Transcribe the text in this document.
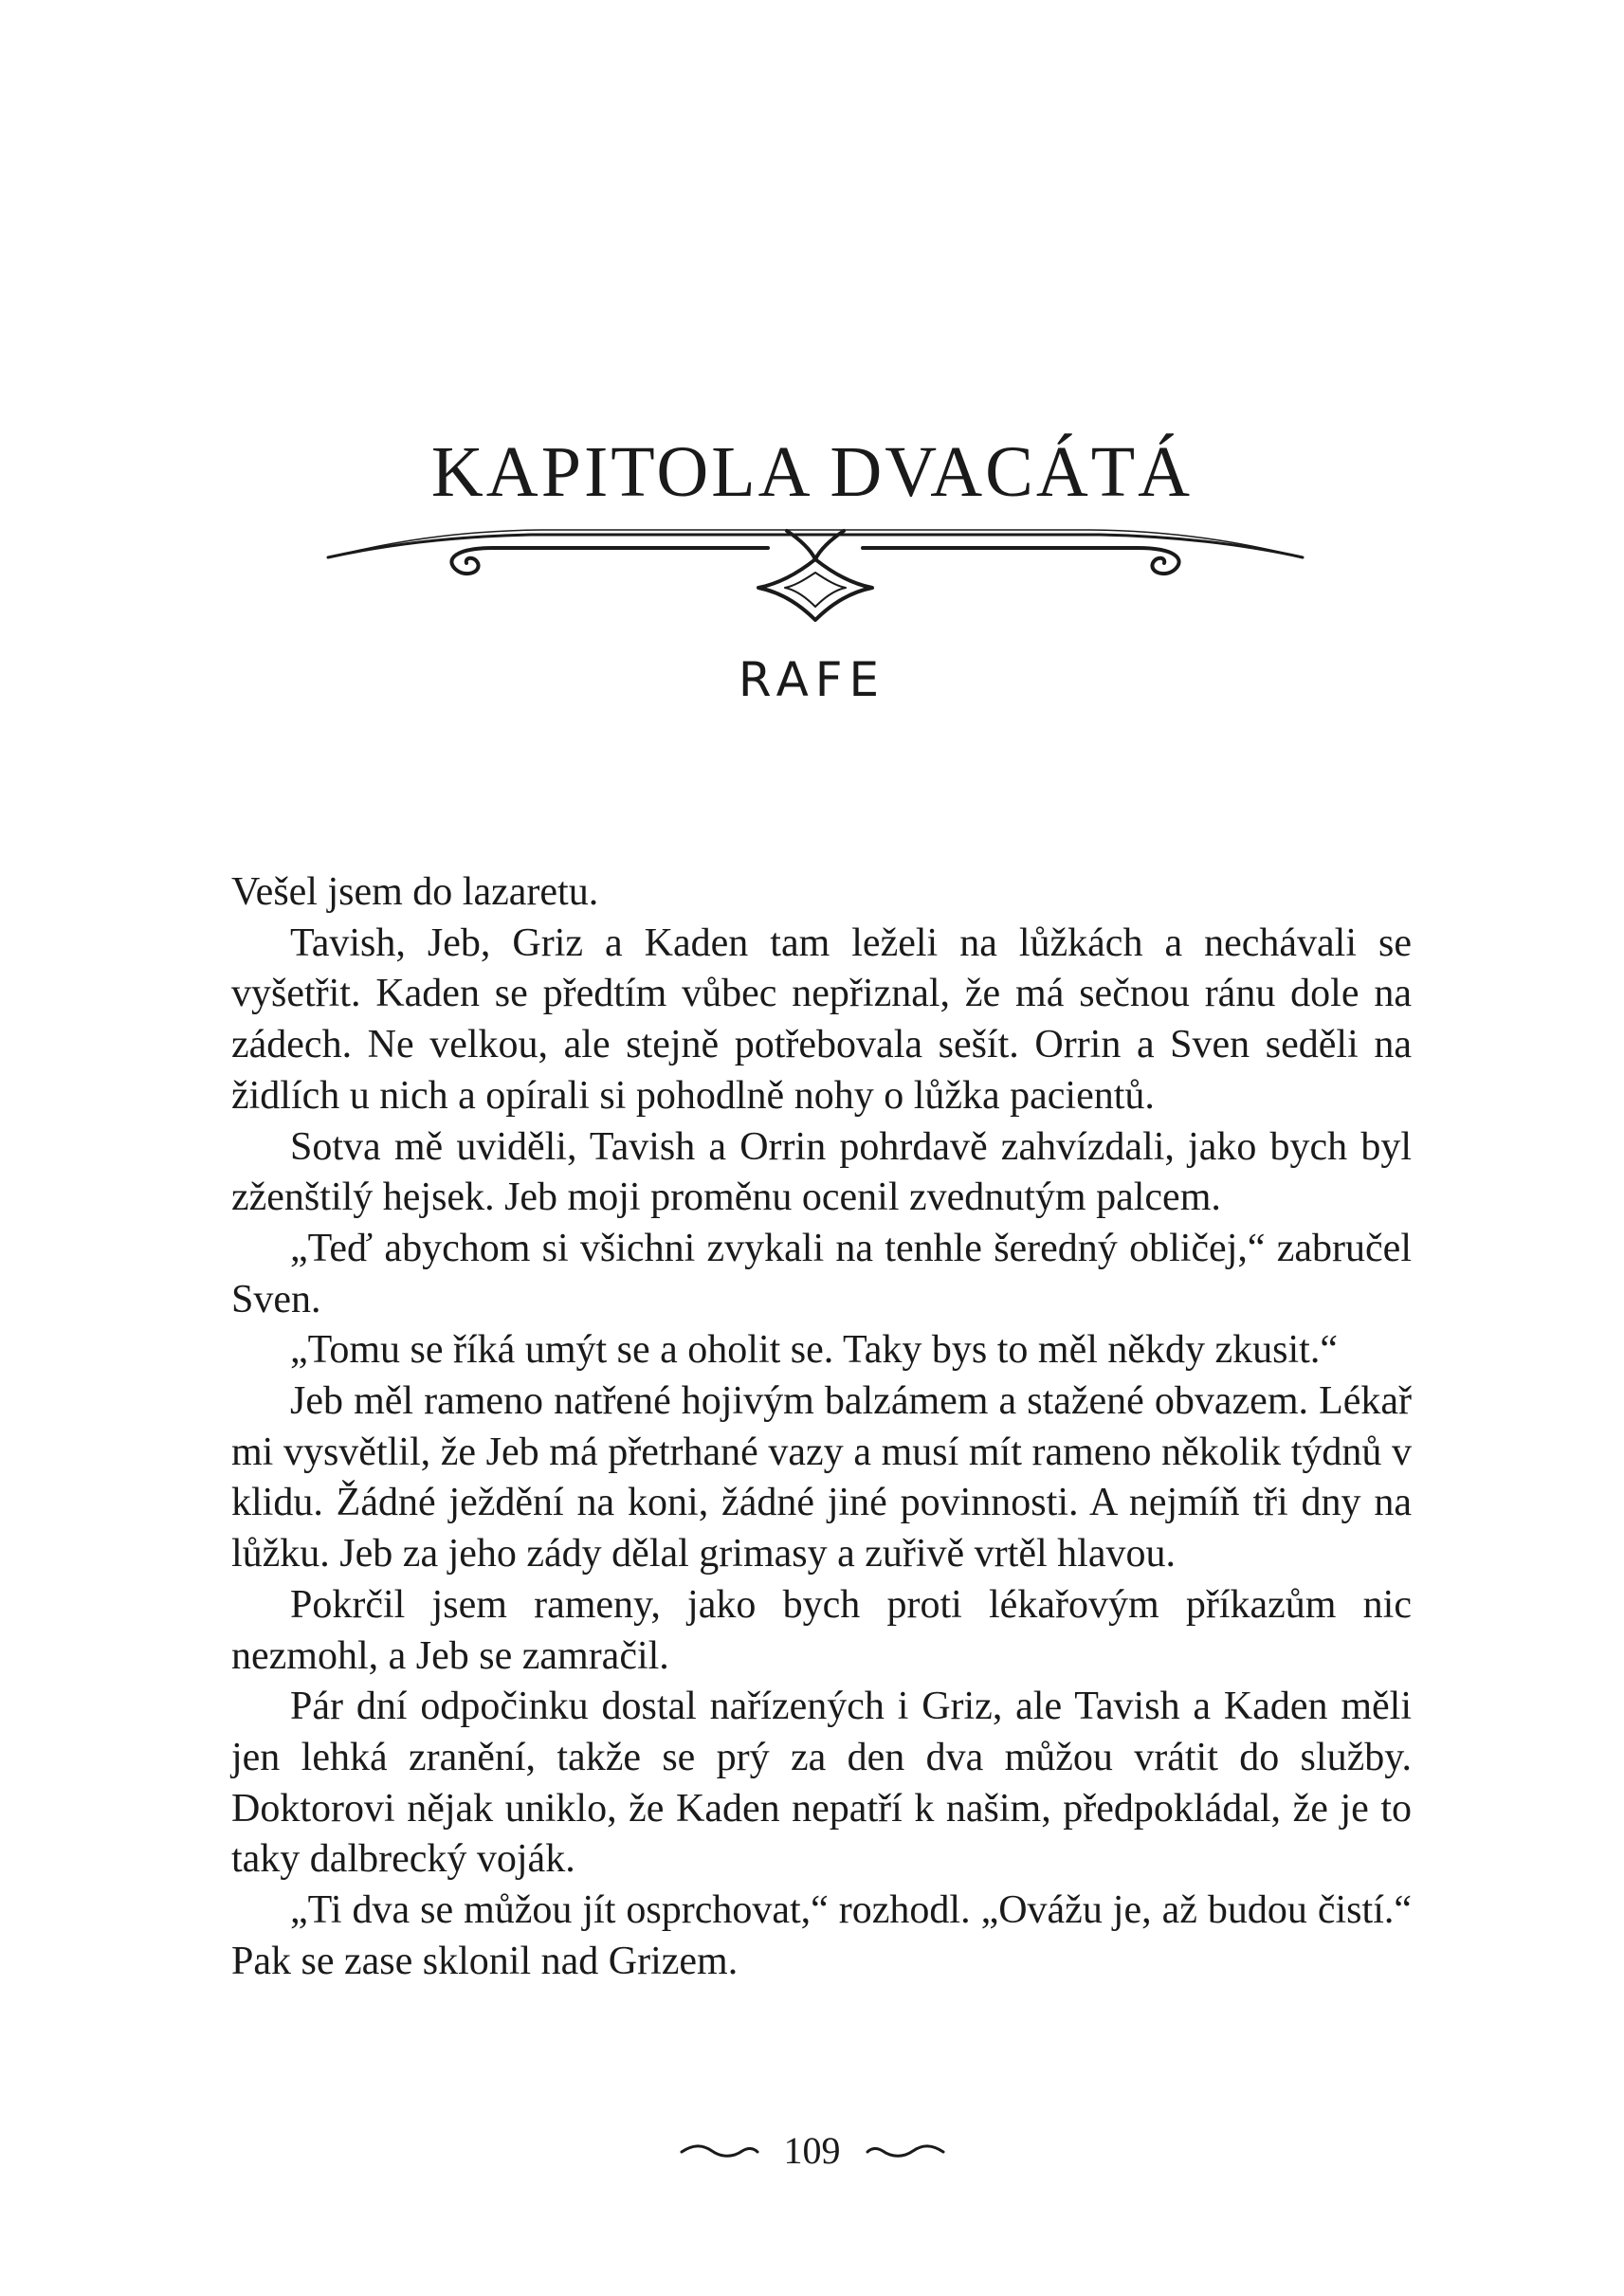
KAPITOLA DVACÁTÁ
RAFE

Vešel jsem do lazaretu.

Tavish, Jeb, Griz a Kaden tam leželi na lůžkách a nechávali se vyšetřit. Kaden se předtím vůbec nepřiznal, že má sečnou ránu dole na zádech. Ne velkou, ale stejně potřebovala sešít. Orrin a Sven seděli na židlích u nich a opírali si pohodlně nohy o lůžka pacientů.

Sotva mě uviděli, Tavish a Orrin pohrdavě zahvízdali, jako bych byl zženštilý hejsek. Jeb moji proměnu ocenil zvednutým palcem.

„Teď abychom si všichni zvykali na tenhle šeredný obličej,“ zabručel Sven.

„Tomu se říká umýt se a oholit se. Taky bys to měl někdy zkusit.“

Jeb měl rameno natřené hojivým balzámem a stažené obvazem. Lékař mi vysvětlil, že Jeb má přetrhané vazy a musí mít rameno několik týdnů v klidu. Žádné ježdění na koni, žádné jiné povinnosti. A nejmíň tři dny na lůžku. Jeb za jeho zády dělal grimasy a zuřivě vrtěl hlavou.

Pokrčil jsem rameny, jako bych proti lékařovým příkazům nic nezmohl, a Jeb se zamračil.

Pár dní odpočinku dostal nařízených i Griz, ale Tavish a Kaden měli jen lehká zranění, takže se prý za den dva můžou vrátit do služby. Doktorovi nějak uniklo, že Kaden nepatří k našim, předpokládal, že je to taky dalbrecký voják.

„Ti dva se můžou jít osprchovat,“ rozhodl. „Ovážu je, až budou čistí.“ Pak se zase sklonil nad Grizem.

109
